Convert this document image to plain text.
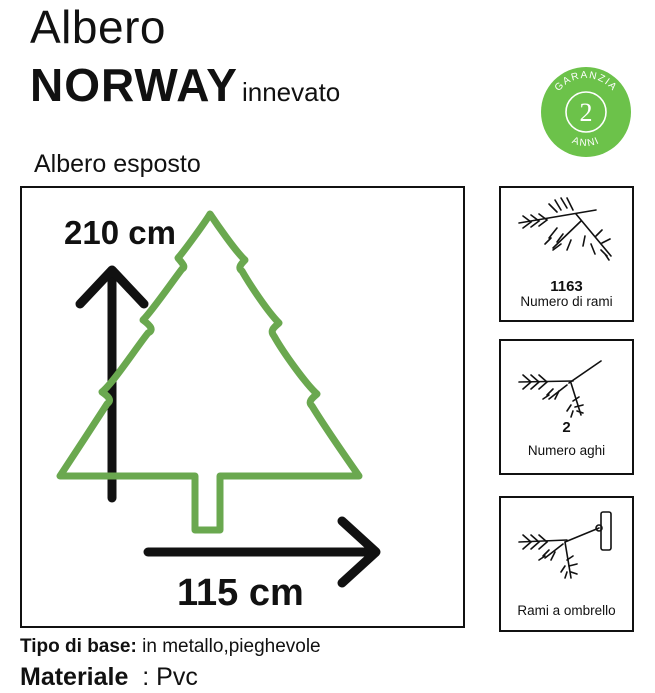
Albero
NORWAY innevato	GARANZIA
2
ANNI
Albero esposto
210 cm
115 cm
1163
Numero di rami
2
Numero aghi
Rami a ombrello
Tipo di base: in metallo,pieghevole
Materiale  : Pvc
